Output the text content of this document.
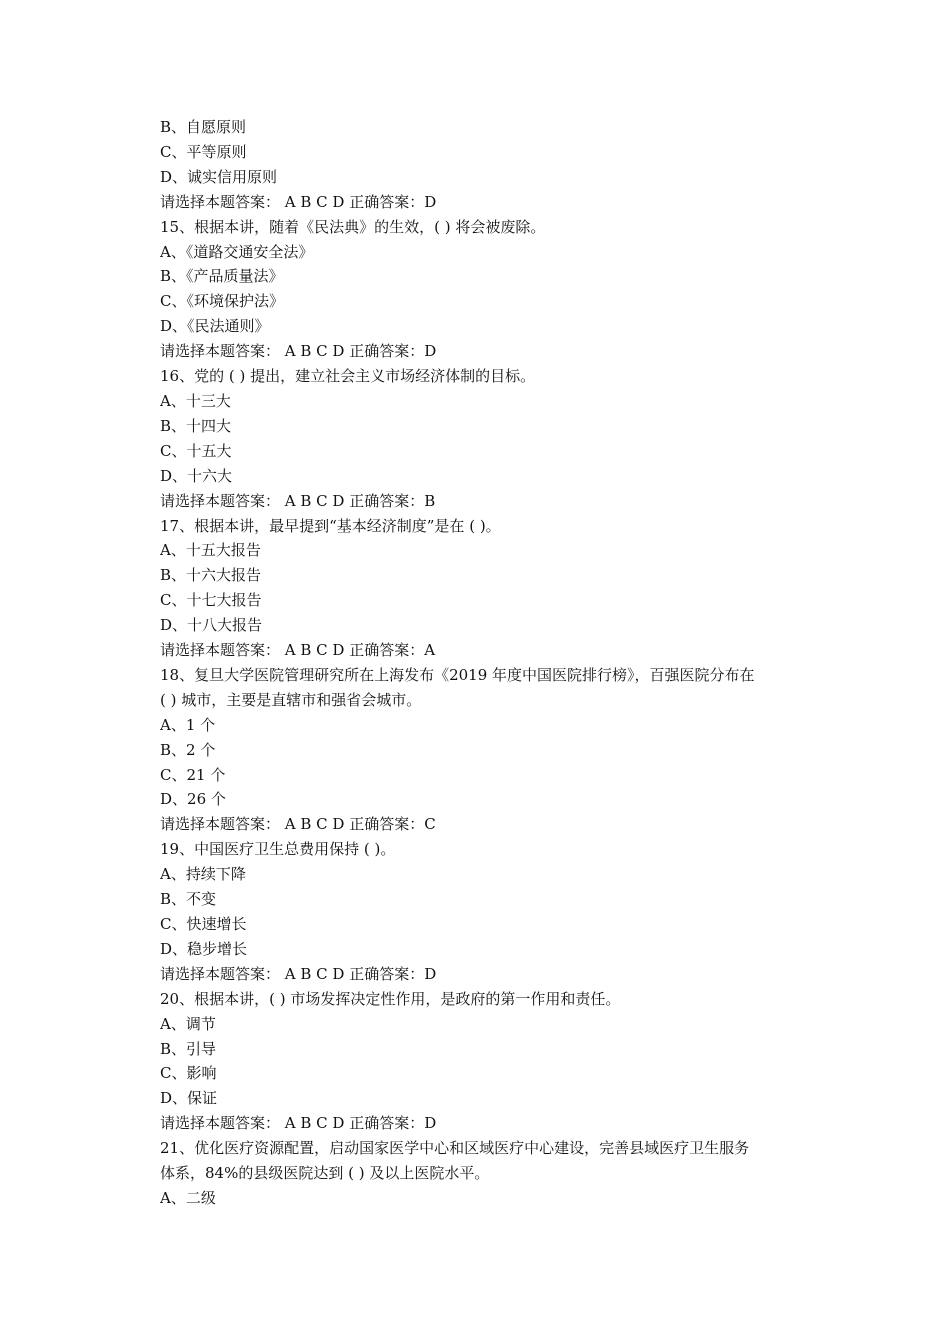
B、自愿原则
C、平等原则
D、诚实信用原则
请选择本题答案： A B C D 正确答案：D
15、根据本讲，随着《民法典》的生效，( ) 将会被废除。
A、《道路交通安全法》
B、《产品质量法》
C、《环境保护法》
D、《民法通则》
请选择本题答案： A B C D 正确答案：D
16、党的 ( ) 提出，建立社会主义市场经济体制的目标。
A、十三大
B、十四大
C、十五大
D、十六大
请选择本题答案： A B C D 正确答案：B
17、根据本讲，最早提到“基本经济制度”是在 ( )。
A、十五大报告
B、十六大报告
C、十七大报告
D、十八大报告
请选择本题答案： A B C D 正确答案：A
18、复旦大学医院管理研究所在上海发布《2019 年度中国医院排行榜》，百强医院分布在
( ) 城市，主要是直辖市和强省会城市。
A、1 个
B、2 个
C、21 个
D、26 个
请选择本题答案： A B C D 正确答案：C
19、中国医疗卫生总费用保持 ( )。
A、持续下降
B、不变
C、快速增长
D、稳步增长
请选择本题答案： A B C D 正确答案：D
20、根据本讲，( ) 市场发挥决定性作用，是政府的第一作用和责任。
A、调节
B、引导
C、影响
D、保证
请选择本题答案： A B C D 正确答案：D
21、优化医疗资源配置，启动国家医学中心和区域医疗中心建设，完善县域医疗卫生服务
体系，84%的县级医院达到 ( ) 及以上医院水平。
A、二级
